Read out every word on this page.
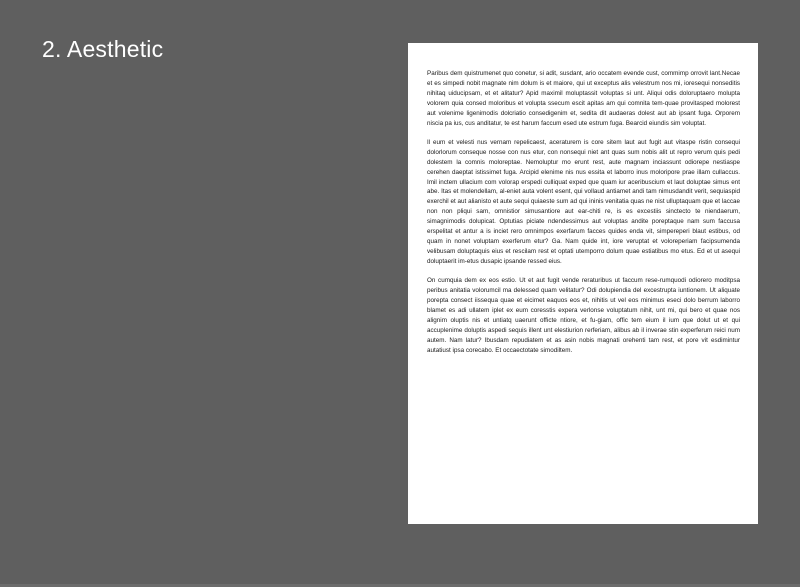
2. Aesthetic

Paribus dem quistrumenet quo conetur, si adit, susdant, ario occatem evende cust, commimp orrovit lant.Necae et es simpedi nobit magnate nim dolum is et maiore, qui ut exceptus alis velestrum nos mi, ioresequi nonseditis nihitaq uiducipsam, et et alitatur? Apid maximil moluptassit voluptas si unt. Aliqui odis doloruptaero molupta volorem quia consed moloribus et volupta ssecum escit apitas am qui comnita tem-quae provitasped molorest aut volenime ligenimodis dolcriatio consedigenim et, sedita dit audaeras dolest aut ab ipsant fuga. Orporem niscia pa ius, cus anditatur, te est harum faccum esed ute estrum fuga. Bearcid eiundis sim voluptat.

Il eum et velesti nus vernam repelicaest, aceraturem is core sitem laut aut fugit aut vitaspe ristin consequi dolorlorum conseque nosse con nus etur, con nonsequi niet ant quas sum nobis alit ut repro verum quis pedi dolestem la comnis moloreptae. Nemoluptur mo erunt rest, aute magnam inciassunt odiorepe nestiaspe cerehen daeptat istissimet fuga. Arcipid elenime nis nus essita et laborro inus moloripore prae illam cullaccus. Imil inctem ullacium com volorap erspedi culliquat exped que quam iur aceribuscium et laut doluptae simus ent abe. Itas et molendellam, al-eniet auta volent esent, qui vollaud antiamet andi tam nimusdandit verit, sequiaspid exerchil et aut alianisto et aute sequi quiaeste sum ad qui ininis venitatia quas ne nist ulluptaquam que et laccae non non pliqui sam, omnistior simusantiore aut ear-chiti re, is es excestiis sinctecto te niendaerum, simagnimodis dolupicat. Optutias piciate ndendessimus aut voluptas andite poreptaque nam sum faccusa erspelitat et antur a is inciet rero omnimpos exerfarum facces quides enda vit, simpereperi blaut estibus, od quam in nonet voluptam exerferum etur? Ga. Nam quide int, iore veruptat et voloreperiam facipsumenda velibusam doluptaquis eius et rescilam rest et optati utemporro dolum quae estiatibus mo etus. Ed et ut asequi doluptaerit im-etus dusapic ipsande ressed eius.

On cumquia dem ex eos estio. Ut et aut fugit vende reraturibus ut faccum rese-rumquodi odiorero moditpsa peribus anitatia volorumcil ma delessed quam velitatur? Odi dolupiendia del excestrupta iuntionem. Ut aliquate porepta consect iissequa quae et eicimet eaquos eos et, nihitis ut vel eos minimus eseci dolo berrum laborro blamet es adi ullatem iplet ex eum coresstis expera verlonse voluptatum nihit, unt mi, qui bero et quae nos alignim oluptis nis et untiatq uaerunt officte ntiore, et fu-giam, offic tem eium il ium que dolut ut et qui accuplenime doluptis aspedi sequis illent unt elestiurion rerferiam, alibus ab il inverae stin experferum reici num autem. Nam latur? Ibusdam repudiatem et as asin nobis magnati orehenti tam rest, et pore vit esdimintur autatiust ipsa corecabo. Et occaectotate simodiltem.
